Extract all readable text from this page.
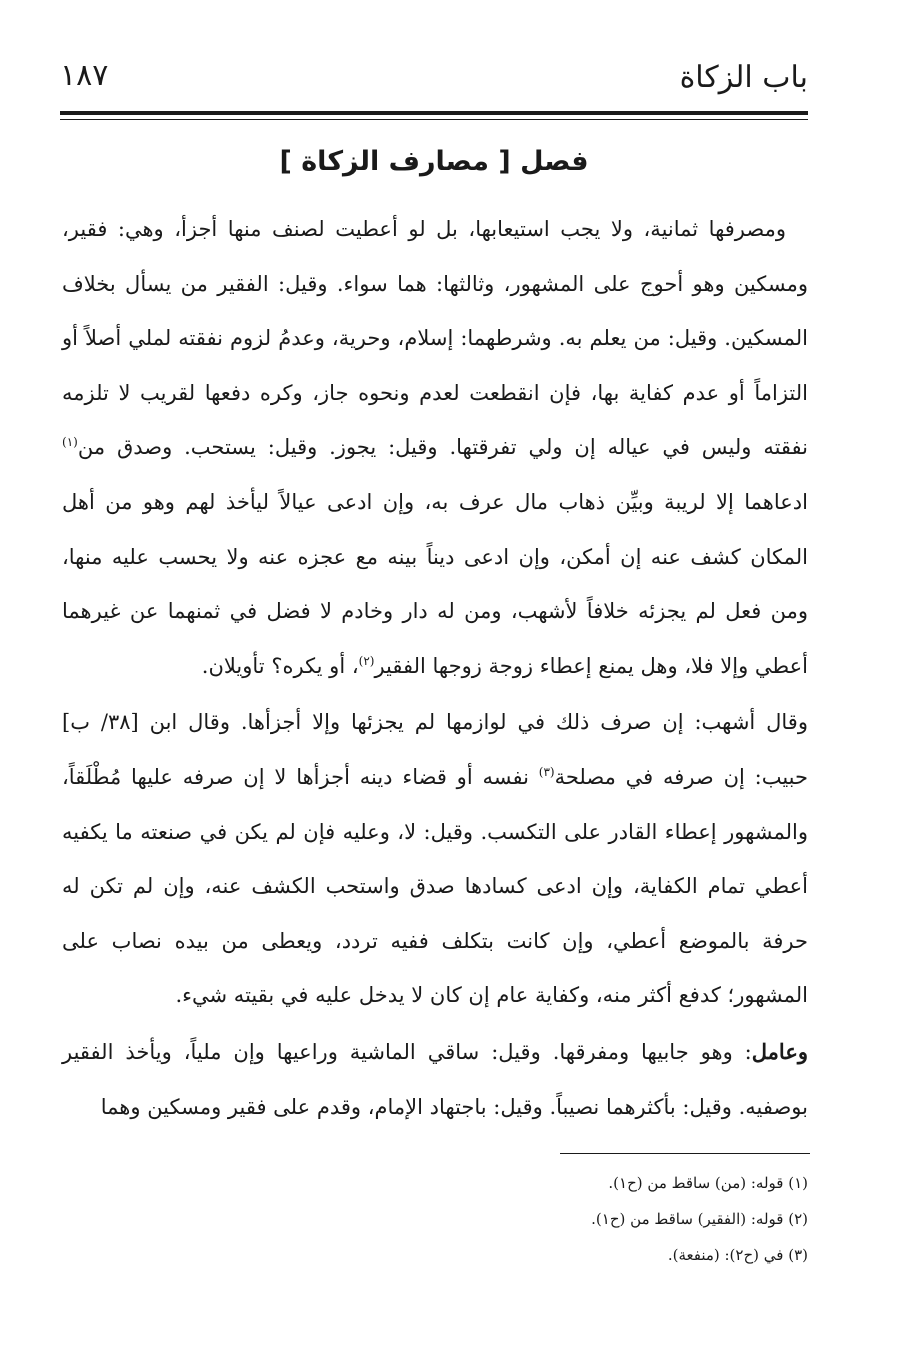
باب الزكاة
١٨٧
فصل [ مصارف الزكاة ]

ومصرفها ثمانية، ولا يجب استيعابها، بل لو أعطيت لصنف منها أجزأ، وهي: فقير، ومسكين وهو أحوج على المشهور، وثالثها: هما سواء. وقيل: الفقير من يسأل بخلاف المسكين. وقيل: من يعلم به. وشرطهما: إسلام، وحرية، وعدمُ لزوم نفقته لملي أصلاً أو التزاماً أو عدم كفاية بها، فإن انقطعت لعدم ونحوه جاز، وكره دفعها لقريب لا تلزمه نفقته وليس في عياله إن ولي تفرقتها. وقيل: يجوز. وقيل: يستحب. وصدق من$^{(١)}$ ادعاهما إلا لريبة وبيِّن ذهاب مال عرف به، وإن ادعى عيالاً ليأخذ لهم وهو من أهل المكان كشف عنه إن أمكن، وإن ادعى ديناً بينه مع عجزه عنه ولا يحسب عليه منها، ومن فعل لم يجزئه خلافاً لأشهب، ومن له دار وخادم لا فضل في ثمنهما عن غيرهما أعطي وإلا فلا، وهل يمنع إعطاء زوجة زوجها الفقير$^{(٢)}$، أو يكره؟ تأويلان.

وقال أشهب: إن صرف ذلك في لوازمها لم يجزئها وإلا أجزأها. وقال ابن [٣٨/ ب] حبيب: إن صرفه في مصلحة$^{(٣)}$ نفسه أو قضاء دينه أجزأها لا إن صرفه عليها مُطْلَقاً، والمشهور إعطاء القادر على التكسب. وقيل: لا، وعليه فإن لم يكن في صنعته ما يكفيه أعطي تمام الكفاية، وإن ادعى كسادها صدق واستحب الكشف عنه، وإن لم تكن له حرفة بالموضع أعطي، وإن كانت بتكلف ففيه تردد، ويعطى من بيده نصاب على المشهور؛ كدفع أكثر منه، وكفاية عام إن كان لا يدخل عليه في بقيته شيء.

وعامل: وهو جابيها ومفرقها. وقيل: ساقي الماشية وراعيها وإن ملياً، ويأخذ الفقير بوصفيه. وقيل: بأكثرهما نصيباً. وقيل: باجتهاد الإمام، وقدم على فقير ومسكين وهما

(١) قوله: (من) ساقط من (ح١).
(٢) قوله: (الفقير) ساقط من (ح١).
(٣) في (ح٢): (منفعة).
